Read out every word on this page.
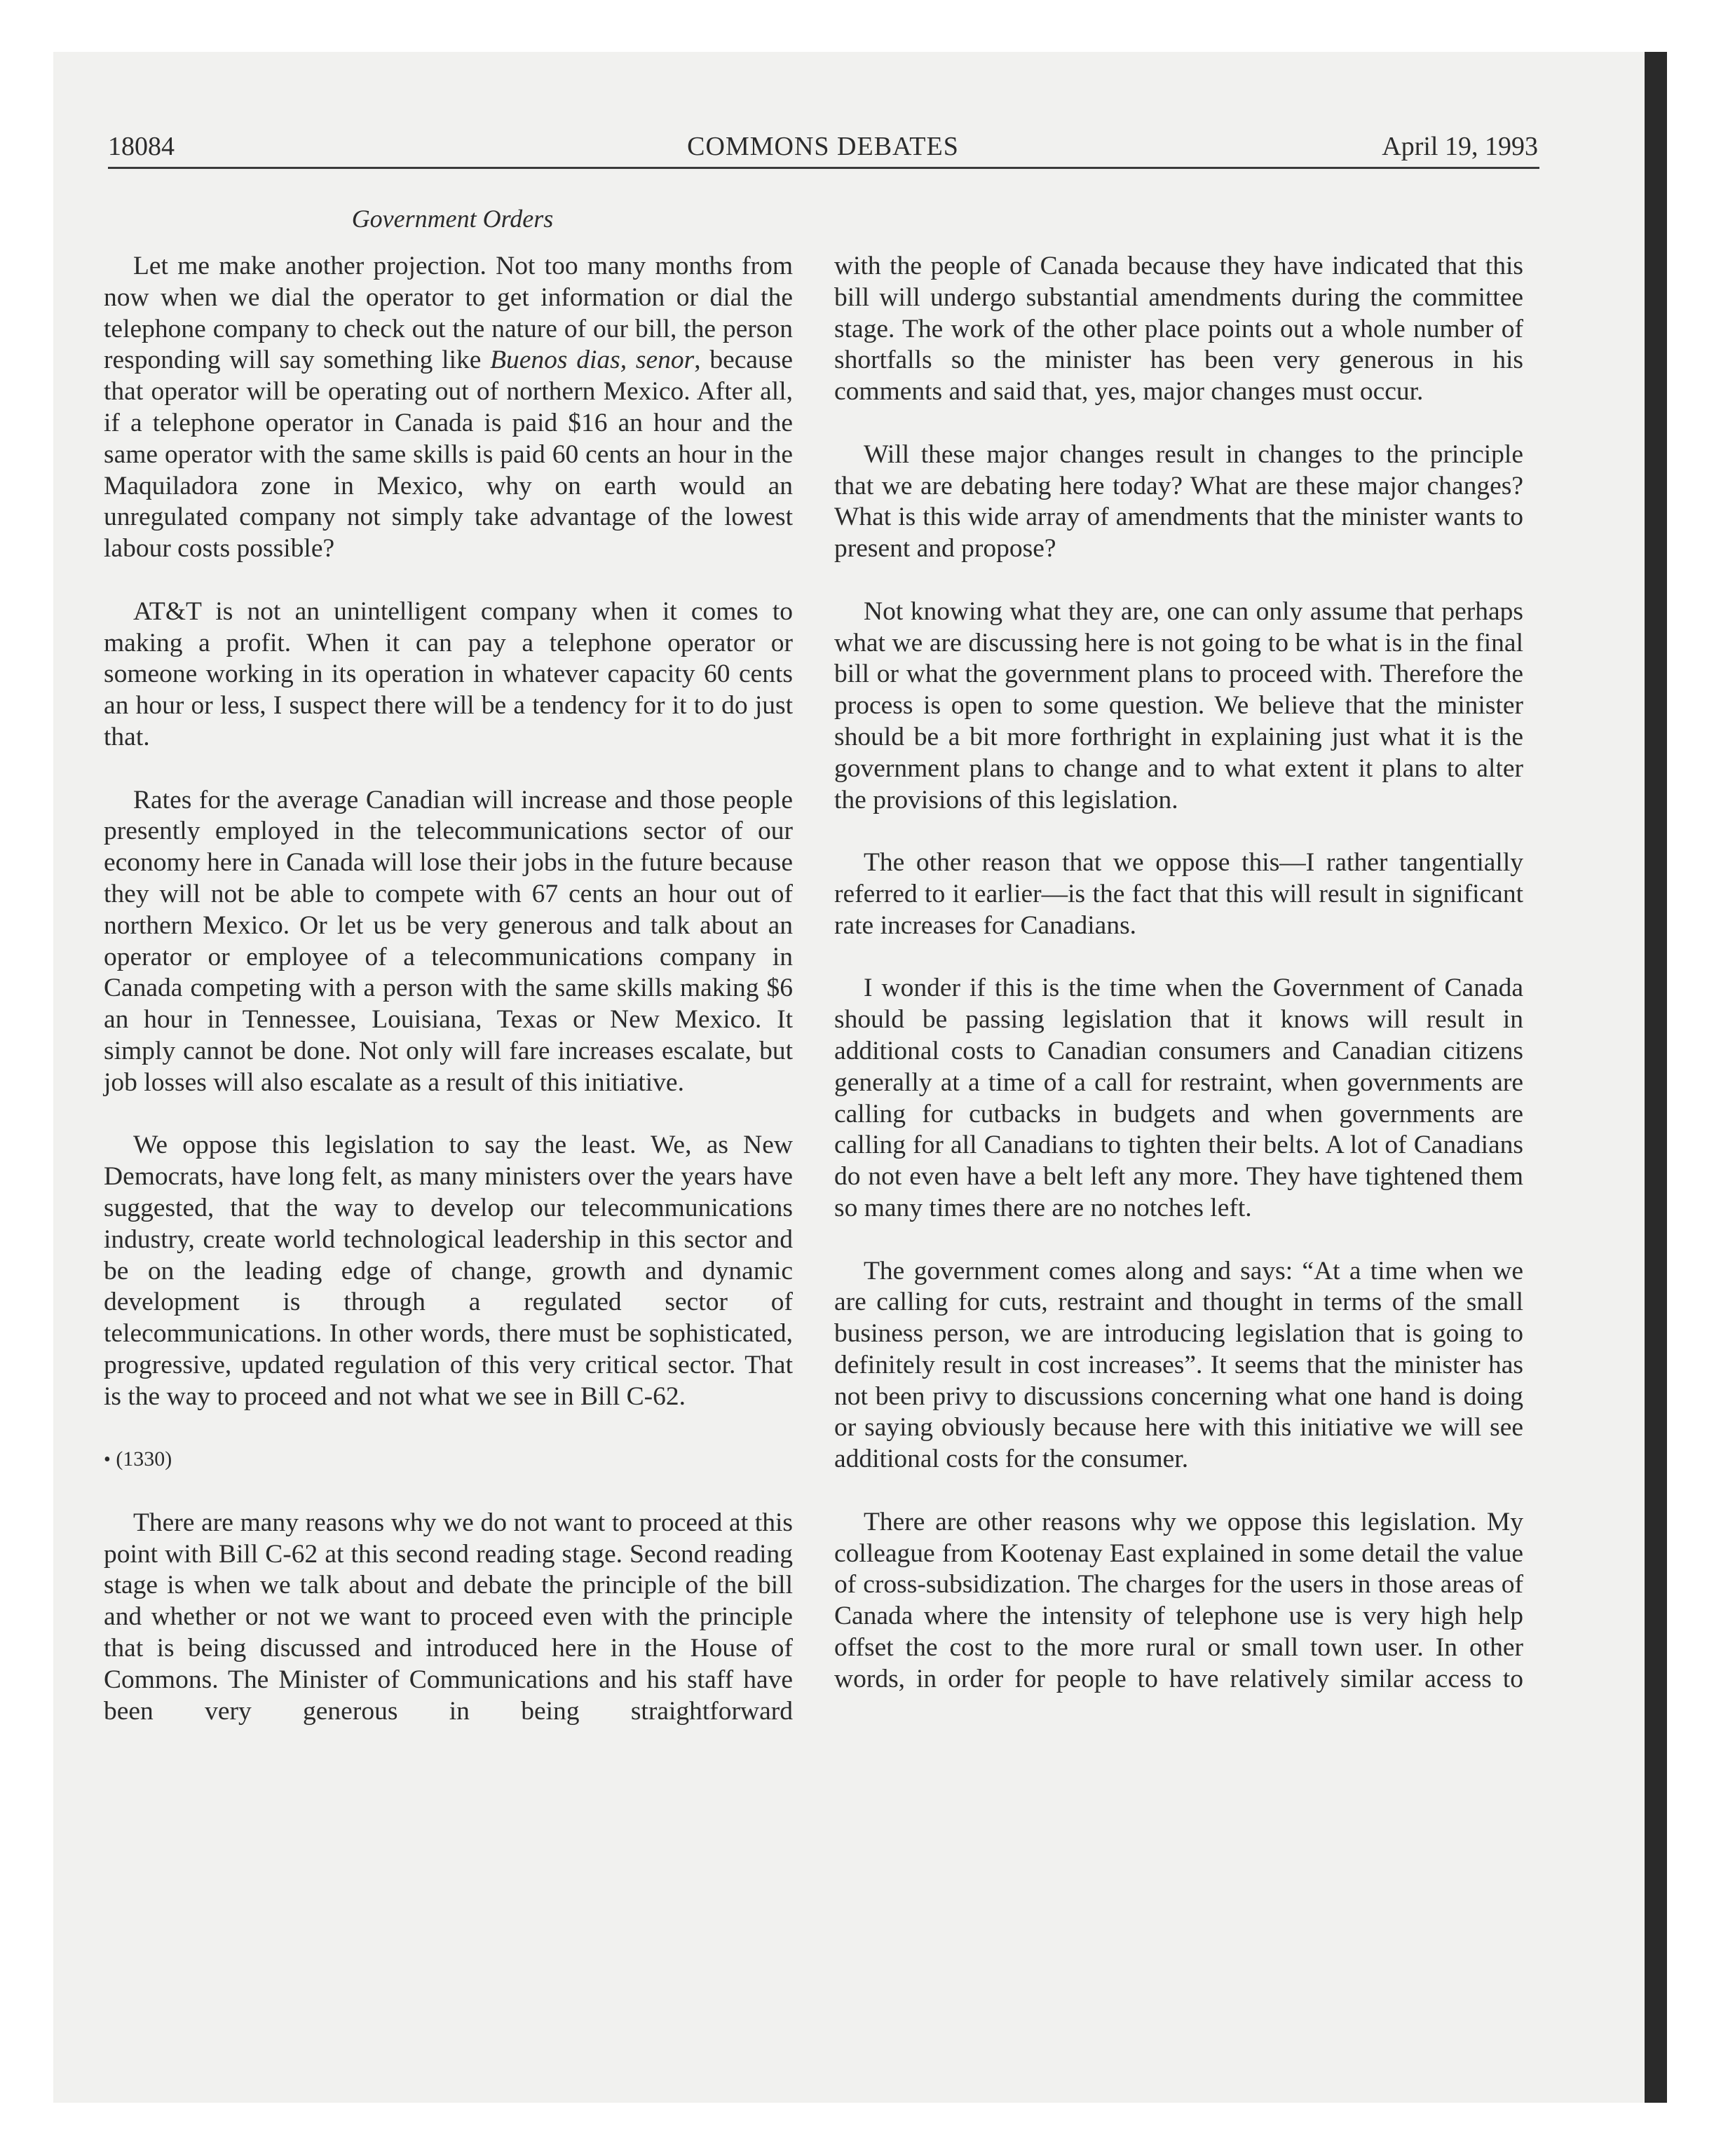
18084	COMMONS DEBATES	April 19, 1993
Government Orders

Let me make another projection. Not too many months from now when we dial the operator to get information or dial the telephone company to check out the nature of our bill, the person responding will say something like Buenos dias, senor, because that operator will be operating out of northern Mexico. After all, if a telephone operator in Canada is paid $16 an hour and the same operator with the same skills is paid 60 cents an hour in the Maquiladora zone in Mexico, why on earth would an unregulated company not simply take advantage of the lowest labour costs possible?

AT&T is not an unintelligent company when it comes to making a profit. When it can pay a telephone operator or someone working in its operation in whatever capacity 60 cents an hour or less, I suspect there will be a tendency for it to do just that.

Rates for the average Canadian will increase and those people presently employed in the telecommunications sector of our economy here in Canada will lose their jobs in the future because they will not be able to compete with 67 cents an hour out of northern Mexico. Or let us be very generous and talk about an operator or employee of a telecommunications company in Canada competing with a person with the same skills making $6 an hour in Tennessee, Louisiana, Texas or New Mexico. It simply cannot be done. Not only will fare increases escalate, but job losses will also escalate as a result of this initiative.

We oppose this legislation to say the least. We, as New Democrats, have long felt, as many ministers over the years have suggested, that the way to develop our telecommunications industry, create world technological leadership in this sector and be on the leading edge of change, growth and dynamic development is through a regulated sector of telecommunications. In other words, there must be sophisticated, progressive, updated regulation of this very critical sector. That is the way to proceed and not what we see in Bill C-62.

• (1330)

There are many reasons why we do not want to proceed at this point with Bill C-62 at this second reading stage. Second reading stage is when we talk about and debate the principle of the bill and whether or not we want to proceed even with the principle that is being discussed and introduced here in the House of Commons. The Minister of Communications and his staff have been very generous in being straightforward

with the people of Canada because they have indicated that this bill will undergo substantial amendments during the committee stage. The work of the other place points out a whole number of shortfalls so the minister has been very generous in his comments and said that, yes, major changes must occur.

Will these major changes result in changes to the principle that we are debating here today? What are these major changes? What is this wide array of amendments that the minister wants to present and propose?

Not knowing what they are, one can only assume that perhaps what we are discussing here is not going to be what is in the final bill or what the government plans to proceed with. Therefore the process is open to some question. We believe that the minister should be a bit more forthright in explaining just what it is the government plans to change and to what extent it plans to alter the provisions of this legislation.

The other reason that we oppose this—I rather tangentially referred to it earlier—is the fact that this will result in significant rate increases for Canadians.

I wonder if this is the time when the Government of Canada should be passing legislation that it knows will result in additional costs to Canadian consumers and Canadian citizens generally at a time of a call for restraint, when governments are calling for cutbacks in budgets and when governments are calling for all Canadians to tighten their belts. A lot of Canadians do not even have a belt left any more. They have tightened them so many times there are no notches left.

The government comes along and says: “At a time when we are calling for cuts, restraint and thought in terms of the small business person, we are introducing legislation that is going to definitely result in cost increases”. It seems that the minister has not been privy to discussions concerning what one hand is doing or saying obviously because here with this initiative we will see additional costs for the consumer.

There are other reasons why we oppose this legislation. My colleague from Kootenay East explained in some detail the value of cross-subsidization. The charges for the users in those areas of Canada where the intensity of telephone use is very high help offset the cost to the more rural or small town user. In other words, in order for people to have relatively similar access to
